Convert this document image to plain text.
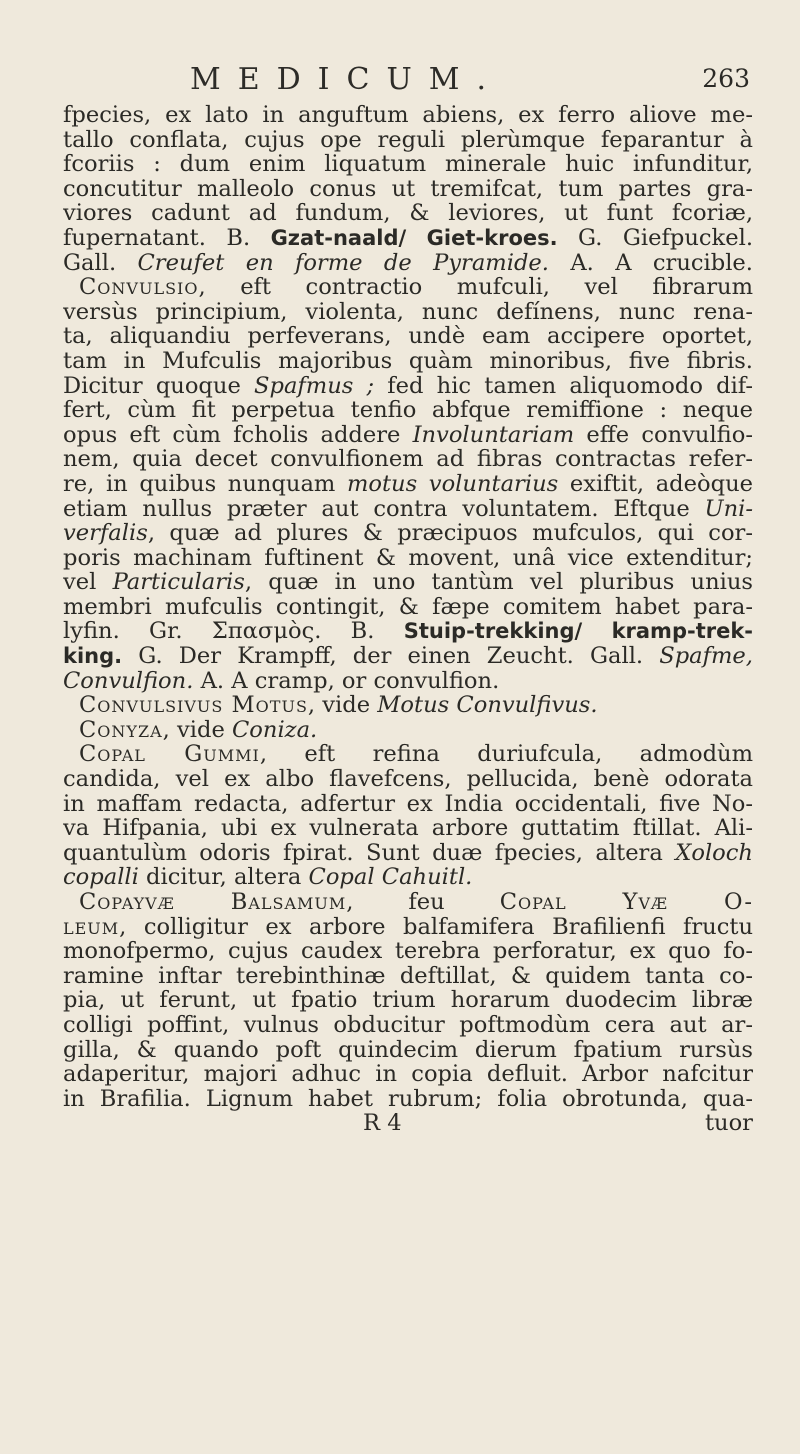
MEDICUM.	263
fpecies, ex lato in anguftum abiens, ex ferro aliove me-
tallo conflata, cujus ope reguli plerùmque feparantur à
fcoriis : dum enim liquatum minerale huic infunditur,
concutitur malleolo conus ut tremifcat, tum partes gra-
viores cadunt ad fundum, & leviores, ut funt fcoriæ,
fupernatant. B. Gzat-naald/ Giet-kroes. G. Giefpuckel.
Gall. Creufet en forme de Pyramide. A. A crucible.
Convulsio, eft contractio mufculi, vel fibrarum
versùs principium, violenta, nunc defínens, nunc rena-
ta, aliquandiu perfeverans, undè eam accipere oportet,
tam in Mufculis majoribus quàm minoribus, five fibris.
Dicitur quoque Spafmus ; fed hic tamen aliquomodo dif-
fert, cùm fit perpetua tenfio abfque remiffione : neque
opus eft cùm fcholis addere Involuntariam effe convulfio-
nem, quia decet convulfionem ad fibras contractas refer-
re, in quibus nunquam motus voluntarius exiftit, adeòque
etiam nullus præter aut contra voluntatem. Eftque Uni-
verfalis, quæ ad plures & præcipuos mufculos, qui cor-
poris machinam fuftinent & movent, unâ vice extenditur;
vel Particularis, quæ in uno tantùm vel pluribus unius
membri mufculis contingit, & fæpe comitem habet para-
lyfin. Gr. Σπασμὸς. B. Stuip-trekking/ kramp-trek-
king. G. Der Krampff, der einen Zeucht. Gall. Spafme,
Convulfion. A. A cramp, or convulfion.
Convulsivus Motus, vide Motus Convulfivus.
Conyza, vide Coniza.
Copal Gummi, eft refina duriufcula, admodùm
candida, vel ex albo flavefcens, pellucida, benè odorata
in maffam redacta, adfertur ex India occidentali, five No-
va Hifpania, ubi ex vulnerata arbore guttatim ftillat. Ali-
quantulùm odoris fpirat. Sunt duæ fpecies, altera Xoloch
copalli dicitur, altera Copal Cahuitl.
Copayvæ Balsamum, feu Copal Yvæ O-
leum, colligitur ex arbore balfamifera Brafilienfi fructu
monofpermo, cujus caudex terebra perforatur, ex quo fo-
ramine inftar terebinthinæ deftillat, & quidem tanta co-
pia, ut ferunt, ut fpatio trium horarum duodecim libræ
colligi poffint, vulnus obducitur poftmodùm cera aut ar-
gilla, & quando poft quindecim dierum fpatium rursùs
adaperitur, majori adhuc in copia defluit. Arbor nafcitur
in Brafilia. Lignum habet rubrum; folia obrotunda, qua-
R 4	tuor
